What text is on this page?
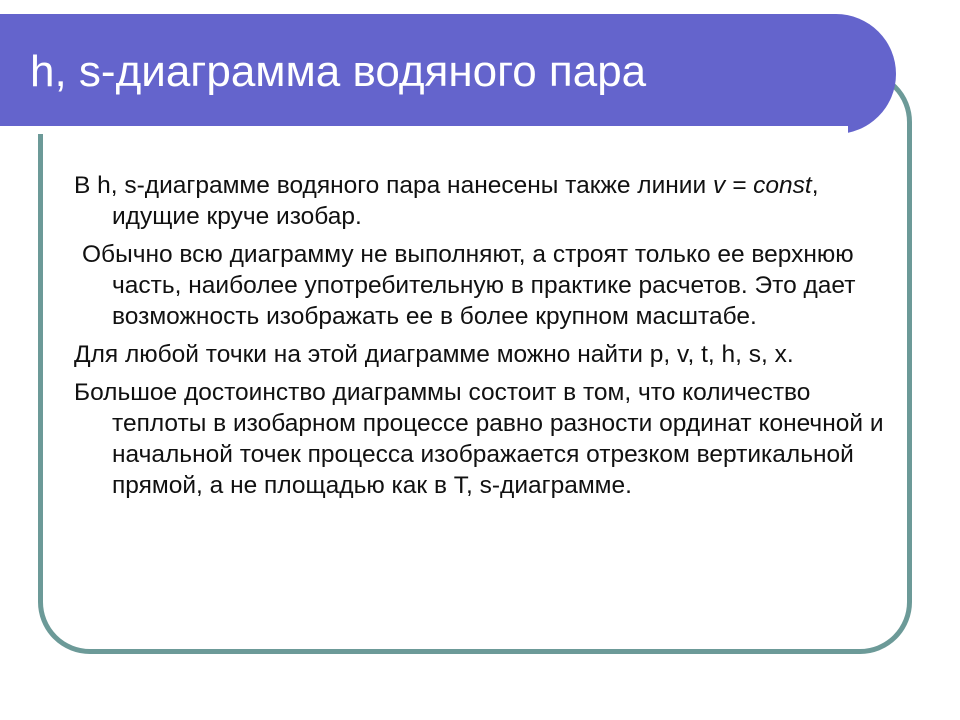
h, s-диаграмма водяного пара
В h, s-диаграмме водяного пара нанесены также линии v = const, идущие круче изобар.
Обычно всю диаграмму не выполняют, а строят только ее верхнюю часть, наиболее употребительную в практике расчетов. Это дает возможность изображать ее в более крупном масштабе.
Для любой точки на этой диаграмме можно найти p, v, t, h, s, x.
Большое достоинство диаграммы состоит в том, что количество теплоты в изобарном процессе равно разности ординат конечной и начальной точек процесса изображается отрезком вертикальной прямой, а не площадью как в T, s-диаграмме.
